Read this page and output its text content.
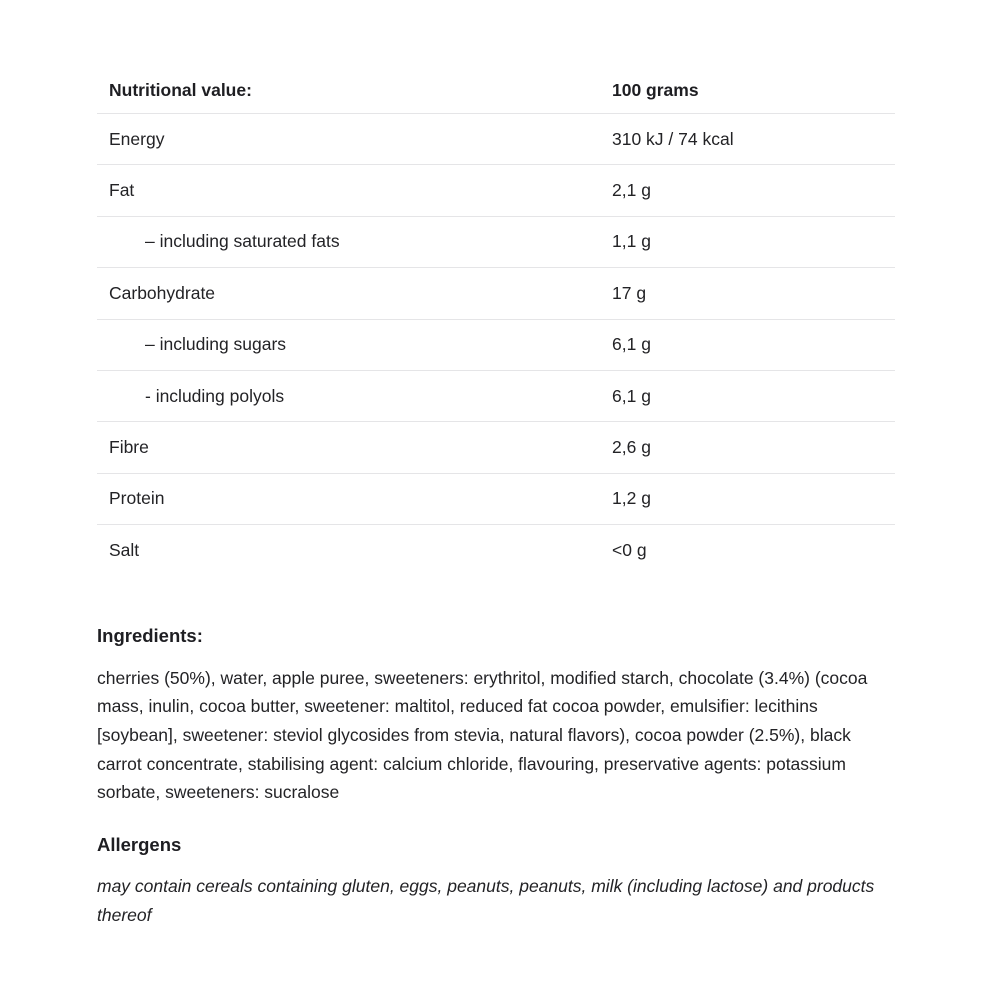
Nutritional value:	100 grams
Energy	310 kJ / 74 kcal
Fat	2,1 g
– including saturated fats	1,1 g
Carbohydrate	17 g
– including sugars	6,1 g
- including polyols	6,1 g
Fibre	2,6 g
Protein	1,2 g
Salt	<0 g
Ingredients:

cherries (50%), water, apple puree, sweeteners: erythritol, modified starch, chocolate (3.4%) (cocoa mass, inulin, cocoa butter, sweetener: maltitol, reduced fat cocoa powder, emulsifier: lecithins [soybean], sweetener: steviol glycosides from stevia, natural flavors), cocoa powder (2.5%), black carrot concentrate, stabilising agent: calcium chloride, flavouring, preservative agents: potassium sorbate, sweeteners: sucralose

Allergens

may contain cereals containing gluten, eggs, peanuts, peanuts, milk (including lactose) and products thereof
